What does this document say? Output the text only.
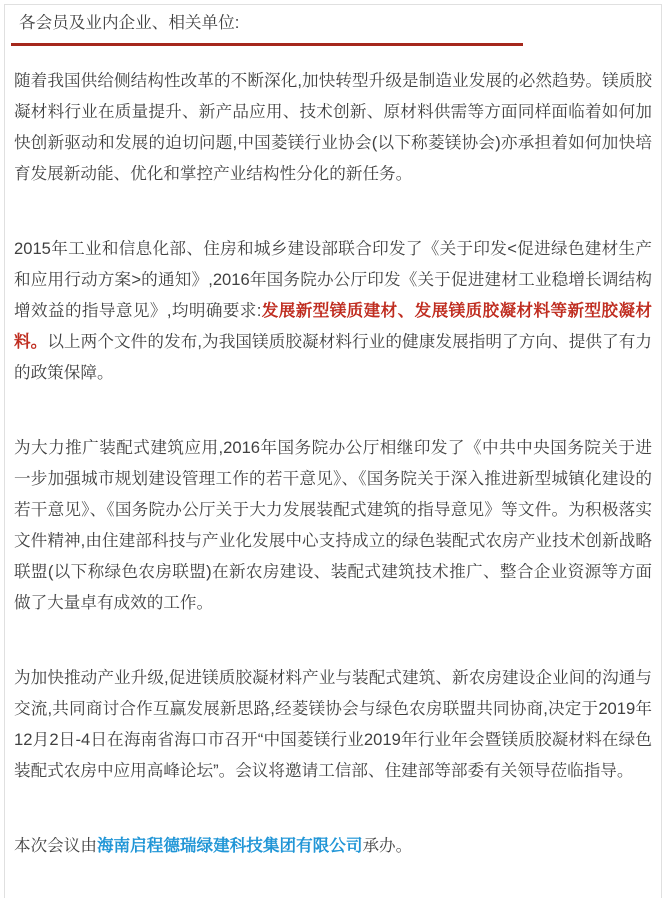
各会员及业内企业、相关单位:

随着我国供给侧结构性改革的不断深化,加快转型升级是制造业发展的必然趋势。镁质胶凝材料行业在质量提升、新产品应用、技术创新、原材料供需等方面同样面临着如何加快创新驱动和发展的迫切问题,中国菱镁行业协会(以下称菱镁协会)亦承担着如何加快培育发展新动能、优化和掌控产业结构性分化的新任务。

2015年工业和信息化部、住房和城乡建设部联合印发了《关于印发<促进绿色建材生产和应用行动方案>的通知》,2016年国务院办公厅印发《关于促进建材工业稳增长调结构增效益的指导意见》,均明确要求:发展新型镁质建材、发展镁质胶凝材料等新型胶凝材料。以上两个文件的发布,为我国镁质胶凝材料行业的健康发展指明了方向、提供了有力的政策保障。

为大力推广装配式建筑应用,2016年国务院办公厅相继印发了《中共中央国务院关于进一步加强城市规划建设管理工作的若干意见》、《国务院关于深入推进新型城镇化建设的若干意见》、《国务院办公厅关于大力发展装配式建筑的指导意见》等文件。为积极落实文件精神,由住建部科技与产业化发展中心支持成立的绿色装配式农房产业技术创新战略联盟(以下称绿色农房联盟)在新农房建设、装配式建筑技术推广、整合企业资源等方面做了大量卓有成效的工作。

为加快推动产业升级,促进镁质胶凝材料产业与装配式建筑、新农房建设企业间的沟通与交流,共同商讨合作互赢发展新思路,经菱镁协会与绿色农房联盟共同协商,决定于2019年12月2日-4日在海南省海口市召开“中国菱镁行业2019年行业年会暨镁质胶凝材料在绿色装配式农房中应用高峰论坛”。会议将邀请工信部、住建部等部委有关领导莅临指导。

本次会议由海南启程德瑞绿建科技集团有限公司承办。
